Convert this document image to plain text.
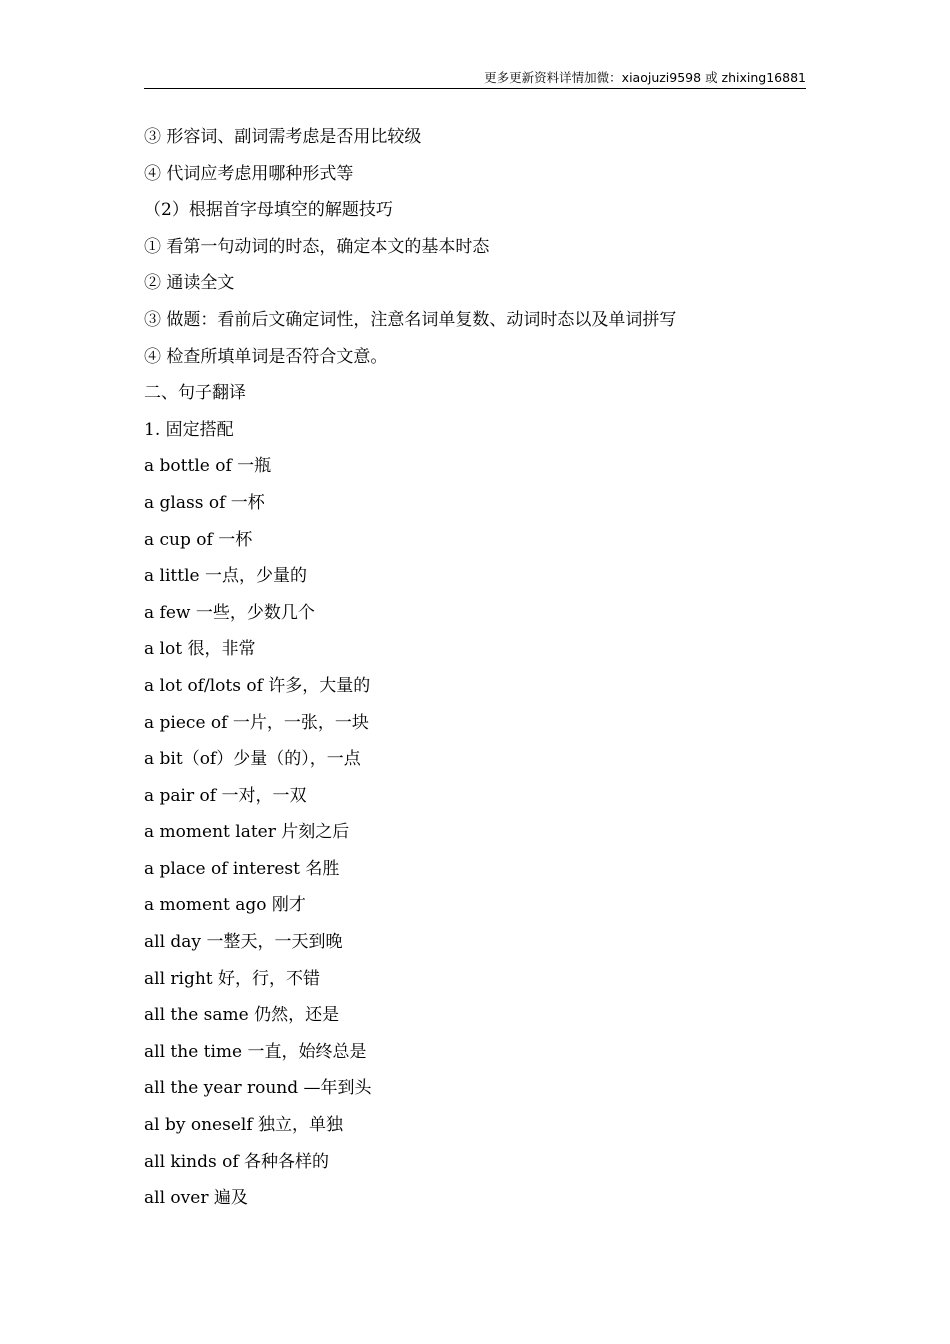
更多更新资料详情加微：xiaojuzi9598 或 zhixing16881
③ 形容词、副词需考虑是否用比较级
④ 代词应考虑用哪种形式等
（2）根据首字母填空的解题技巧
① 看第一句动词的时态，确定本文的基本时态
② 通读全文
③ 做题：看前后文确定词性，注意名词单复数、动词时态以及单词拼写
④ 检查所填单词是否符合文意。
二、句子翻译
1. 固定搭配
a bottle of 一瓶
a glass of 一杯
a cup of 一杯
a little 一点，少量的
a few 一些，少数几个
a lot 很，非常
a lot of/lots of 许多，大量的
a piece of 一片，一张，一块
a bit（of）少量（的），一点
a pair of 一对，一双
a moment later 片刻之后
a place of interest 名胜
a moment ago 刚才
all day 一整天，一天到晚
all right 好，行，不错
all the same 仍然，还是
all the time 一直，始终总是
all the year round —年到头
al by oneself 独立，单独
all kinds of 各种各样的
all over 遍及
